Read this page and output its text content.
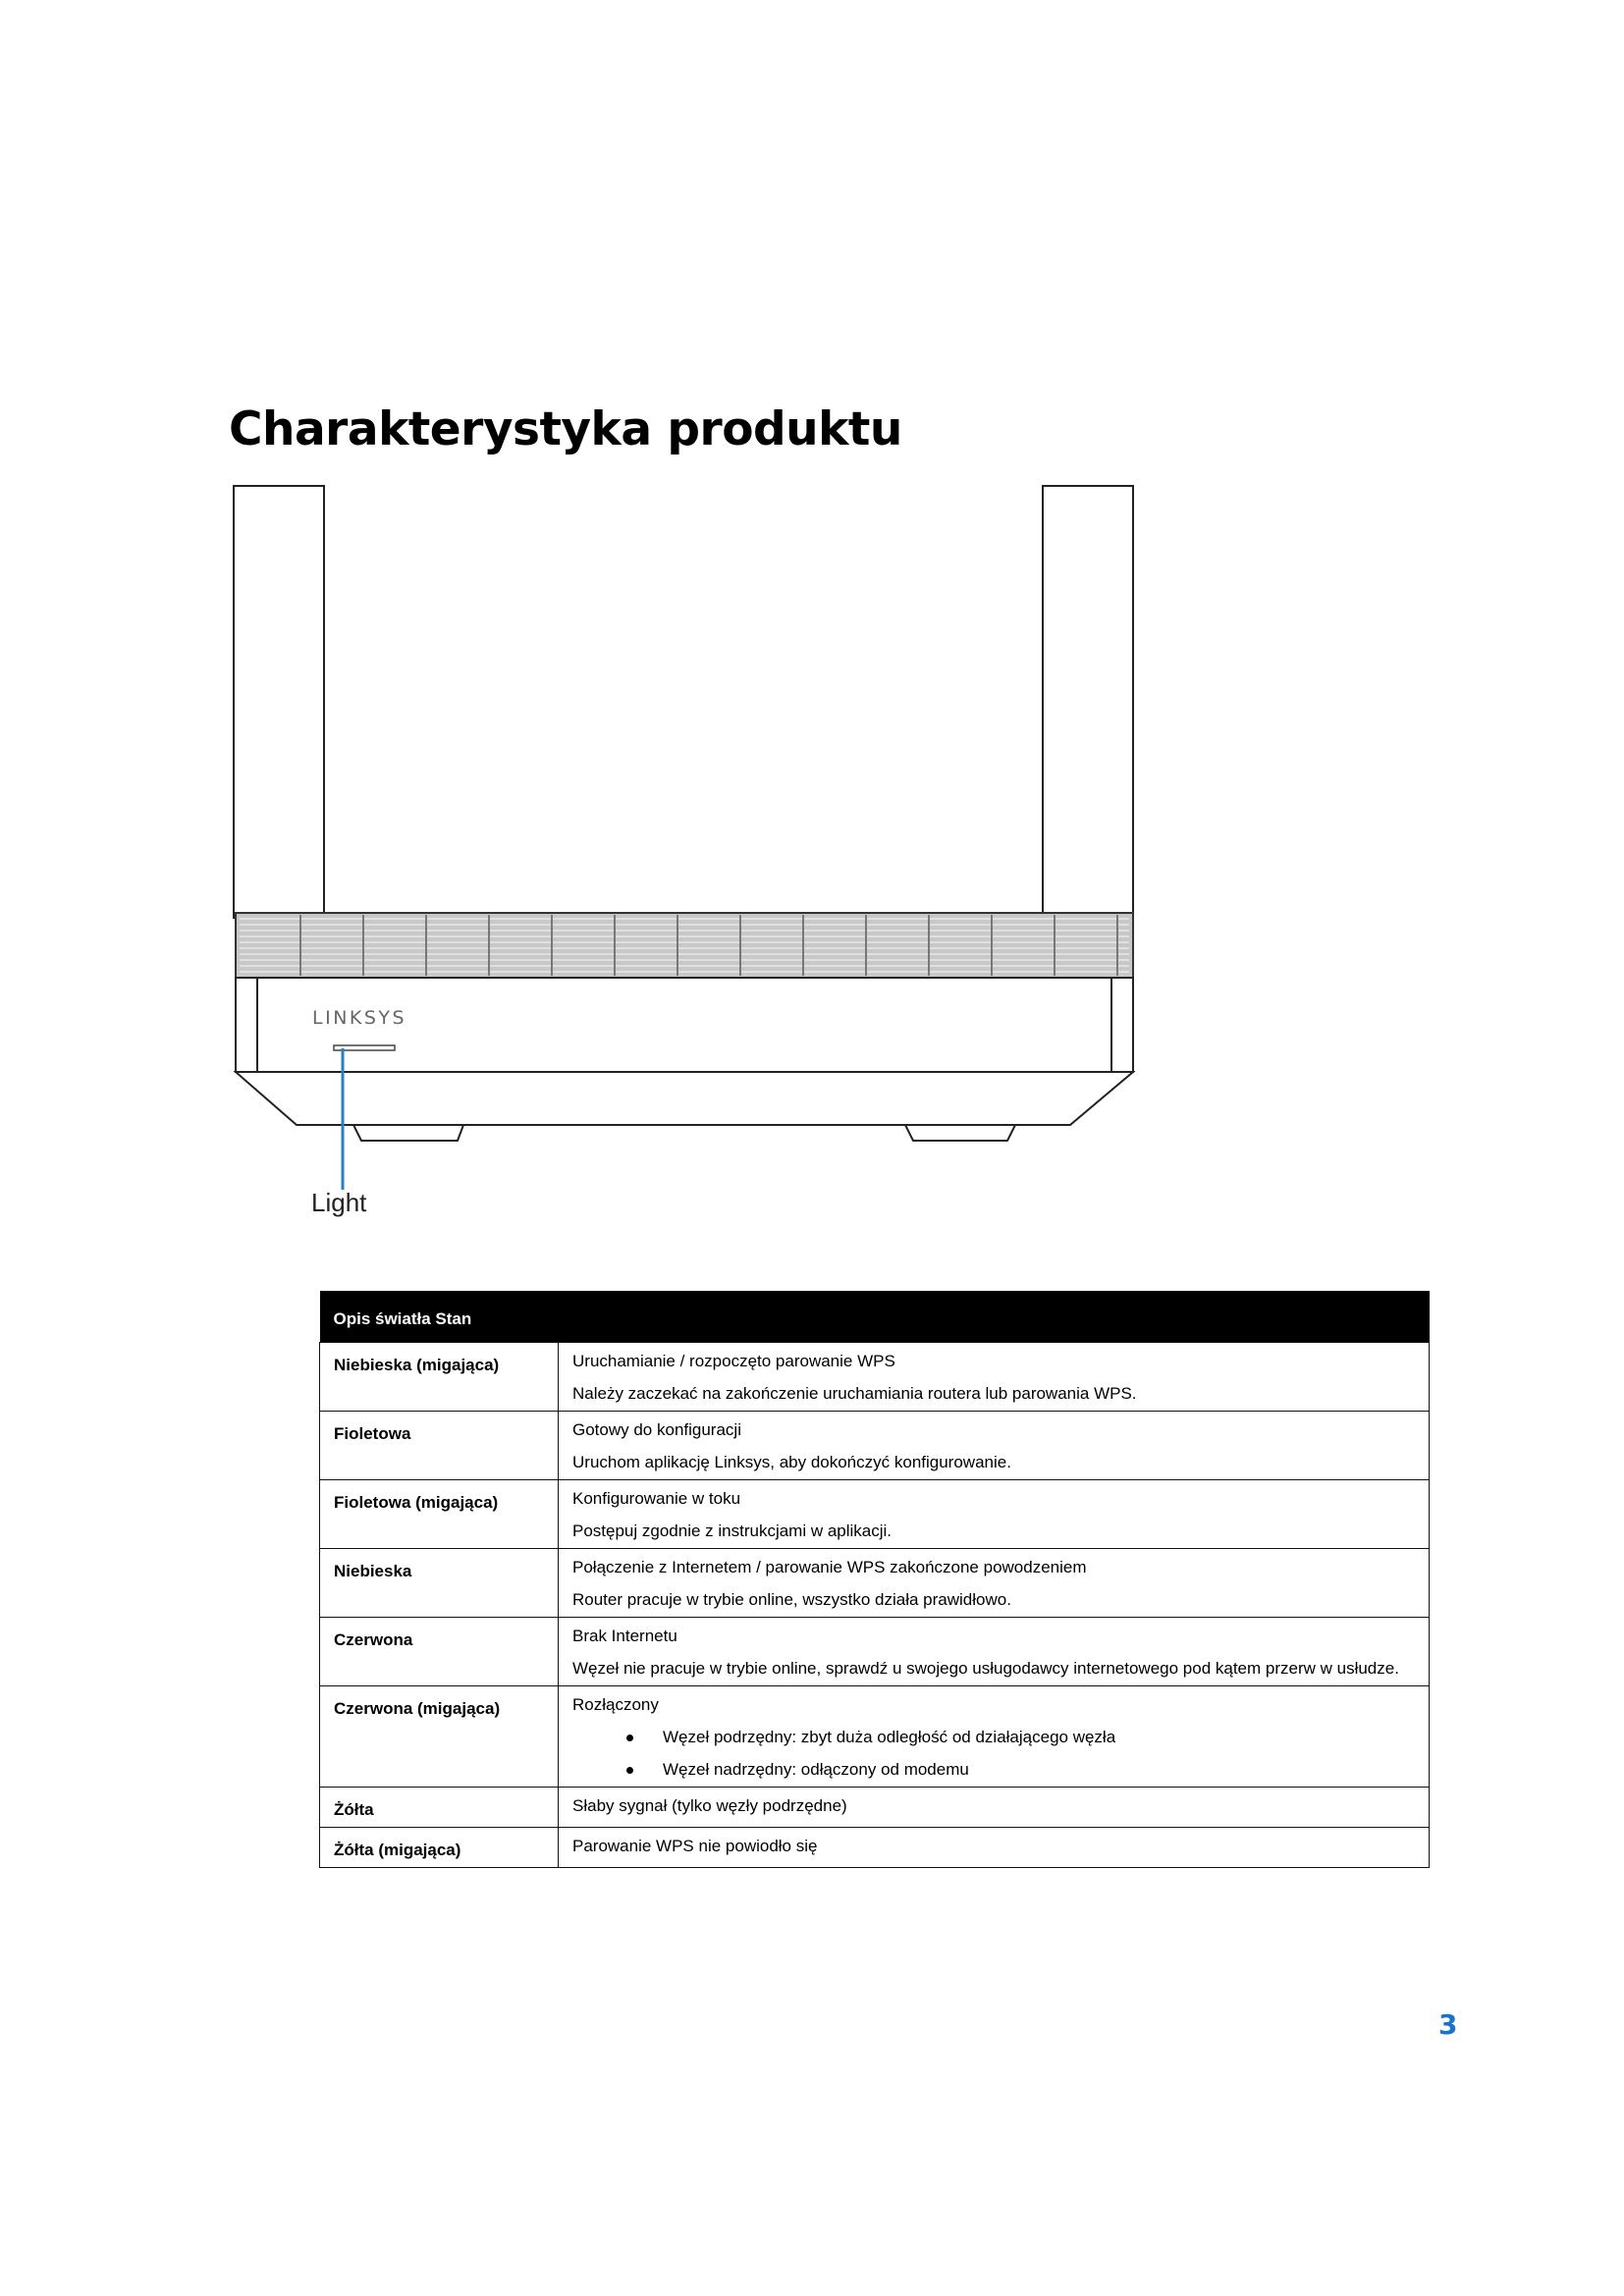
Charakterystyka produktu
LINKSYS
Light
Opis światła Stan	
Niebieska (migająca)	Uruchamianie / rozpoczęto parowanie WPS
Należy zaczekać na zakończenie uruchamiania routera lub parowania WPS.

Fioletowa	Gotowy do konfiguracji
Uruchom aplikację Linksys, aby dokończyć konfigurowanie.

Fioletowa (migająca)	Konfigurowanie w toku
Postępuj zgodnie z instrukcjami w aplikacji.

Niebieska	Połączenie z Internetem / parowanie WPS zakończone powodzeniem
Router pracuje w trybie online, wszystko działa prawidłowo.

Czerwona	Brak Internetu
Węzeł nie pracuje w trybie online, sprawdź u swojego usługodawcy internetowego pod kątem przerw w usłudze.

Czerwona (migająca)	Rozłączony
Węzeł podrzędny: zbyt duża odległość od działającego węzła
Węzeł nadrzędny: odłączony od modemu

Żółta	Słaby sygnał (tylko węzły podrzędne)

Żółta (migająca)	Parowanie WPS nie powiodło się
3
